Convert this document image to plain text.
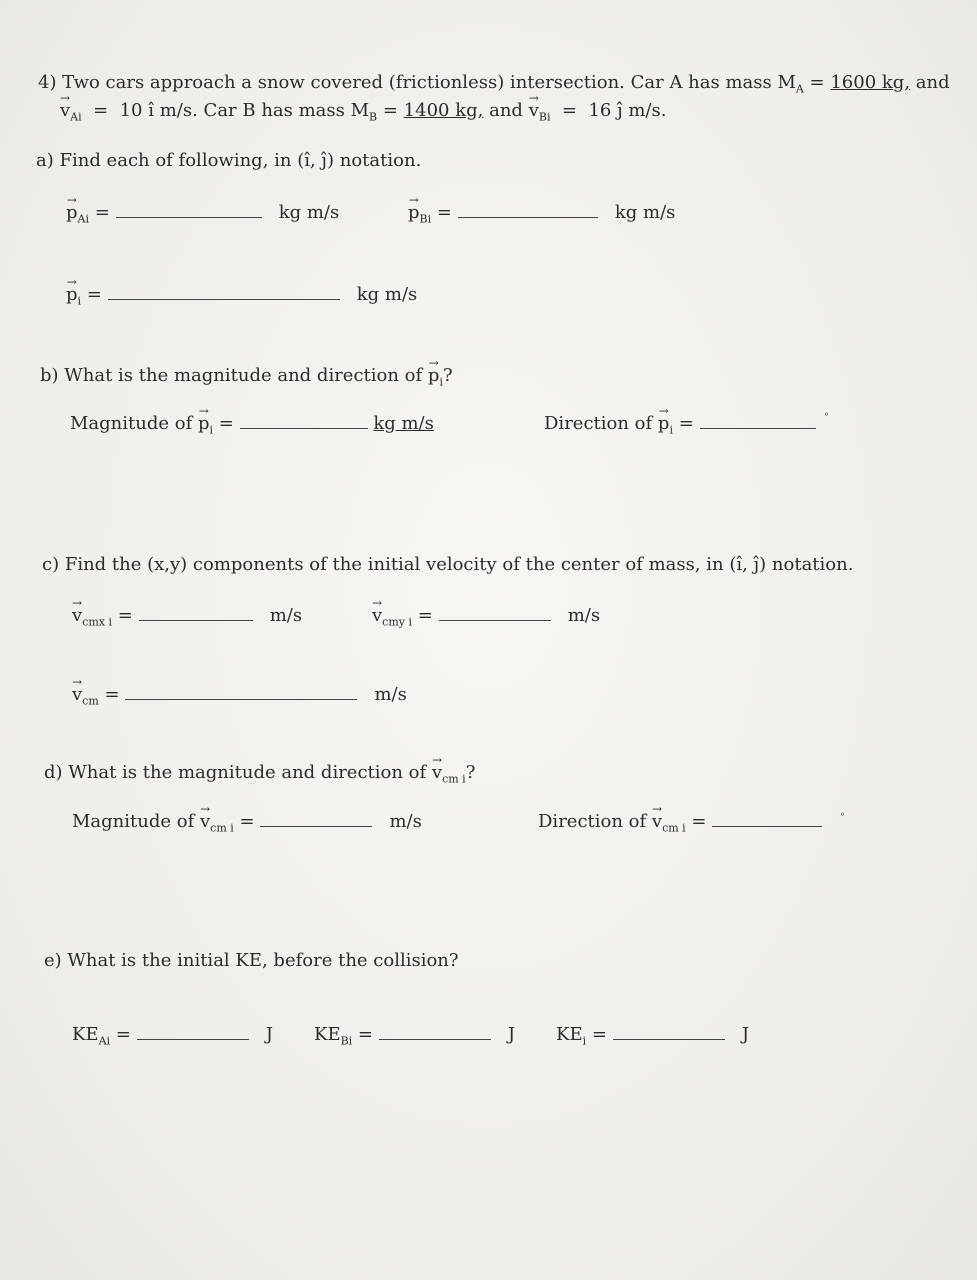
4) Two cars approach a snow covered (frictionless) intersection. Car A has mass $M_A = 1600$ kg, and
→ $v_{Ai} = 10$ î m/s. Car B has mass $M_B = 1400$ kg, and → $v_{Bi} = 16$ ĵ m/s.
a) Find each of following, in (î, ĵ) notation.
→ $p_{Ai}$ =	kg m/s	→ $p_{Bi}$ =	kg m/s
→ $p_i$ =	kg m/s
b) What is the magnitude and direction of → $p_i$?
Magnitude of → $p_i$ =	kg m/s	Direction of → $p_i$ =	°
c) Find the (x,y) components of the initial velocity of the center of mass, in (î, ĵ) notation.
→ $v_{cmx i}$ =	m/s	→ $v_{cmy i}$ =	m/s
→ $v_{cm}$ =	m/s
d) What is the magnitude and direction of → $v_{cm i}$?
Magnitude of → $v_{cm i}$ =	m/s	Direction of → $v_{cm i}$ =	°
e) What is the initial KE, before the collision?
$KE_{Ai}$ =	J $KE_{Bi}$ =	J $KE_i$ =	J
